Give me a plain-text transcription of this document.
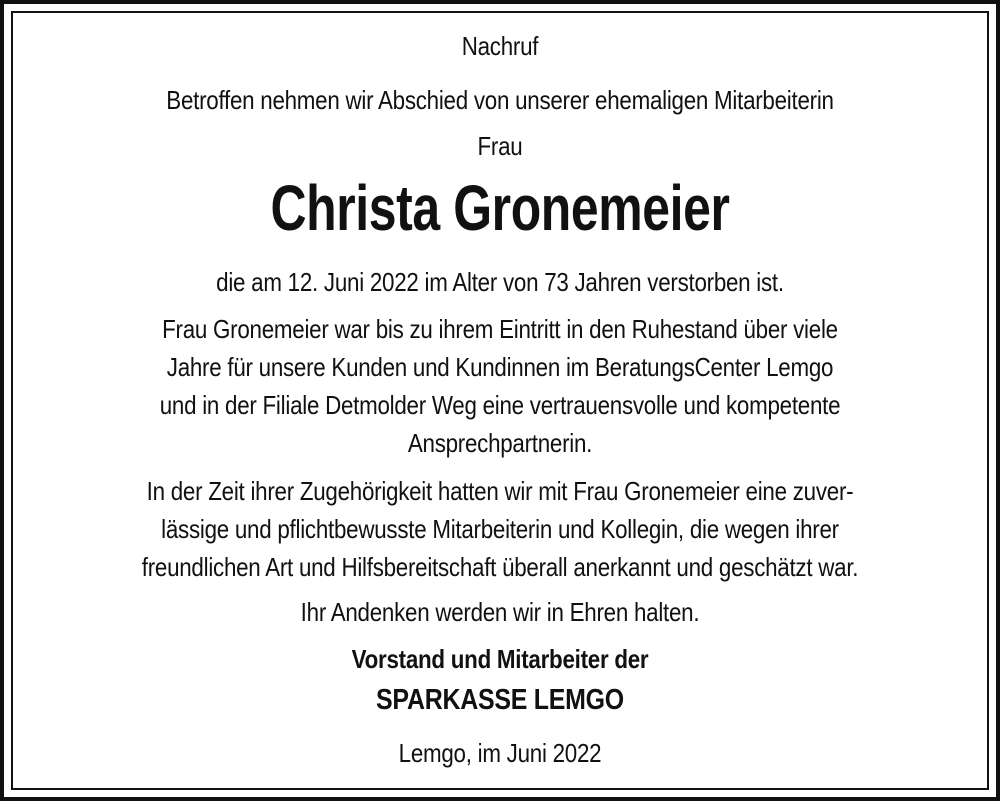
Nachruf
Betroffen nehmen wir Abschied von unserer ehemaligen Mitarbeiterin
Frau
Christa Gronemeier
die am 12. Juni 2022 im Alter von 73 Jahren verstorben ist.
Frau Gronemeier war bis zu ihrem Eintritt in den Ruhestand über viele
Jahre für unsere Kunden und Kundinnen im BeratungsCenter Lemgo
und in der Filiale Detmolder Weg eine vertrauensvolle und kompetente
Ansprechpartnerin.
In der Zeit ihrer Zugehörigkeit hatten wir mit Frau Gronemeier eine zuver-
lässige und pflichtbewusste Mitarbeiterin und Kollegin, die wegen ihrer
freundlichen Art und Hilfsbereitschaft überall anerkannt und geschätzt war.
Ihr Andenken werden wir in Ehren halten.
Vorstand und Mitarbeiter der
SPARKASSE LEMGO
Lemgo, im Juni 2022
